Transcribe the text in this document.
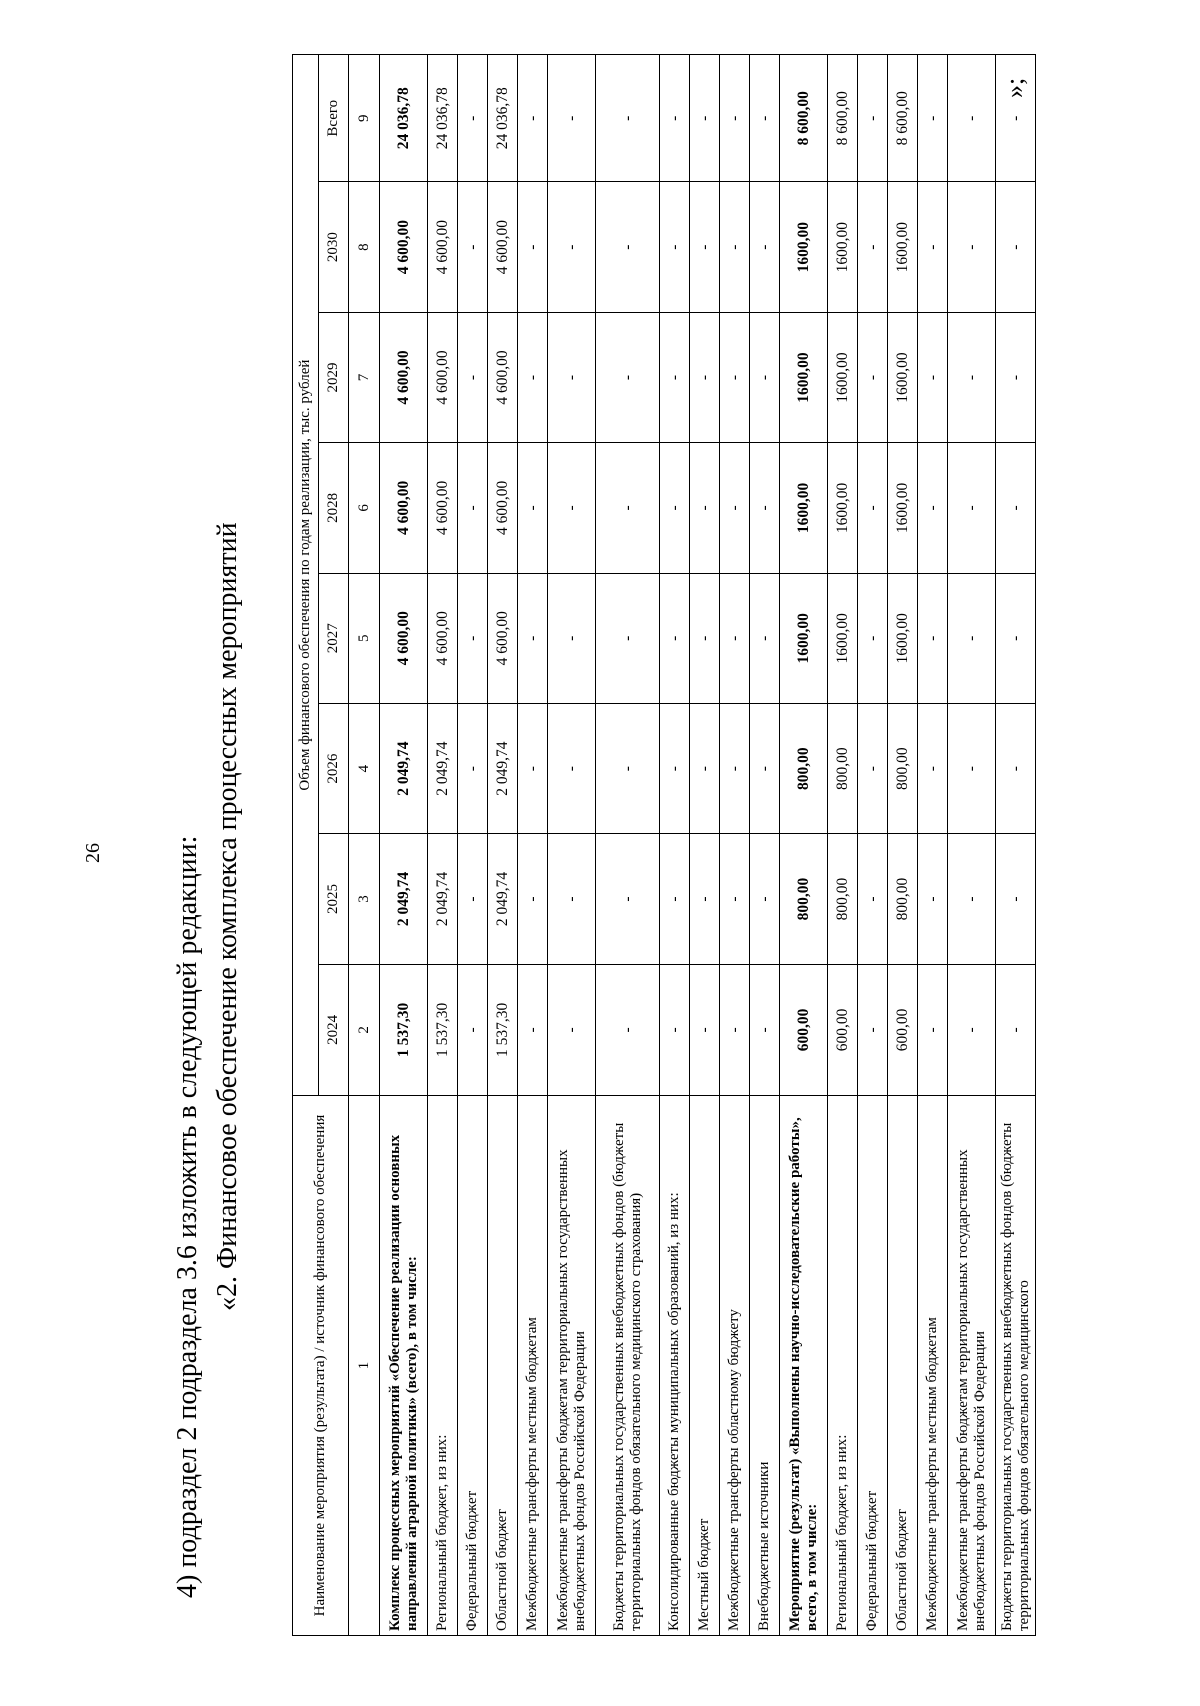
26 4) подраздел 2 подраздела 3.6 изложить в следующей редакции: «2. Финансовое обеспечение комплекса процессных мероприятий
»;
Наименование мероприятия (результата) / источник финансового обеспечения	Объем финансового обеспечения по годам реализации, тыс. рублей							
	2024	2025	2026	2027	2028	2029	2030	Всего
1	2	3	4	5	6	7	8	9
Комплекс процессных мероприятий «Обеспечение реализации основных направлений аграрной политики» (всего), в том числе:	1 537,30	2 049,74	2 049,74	4 600,00	4 600,00	4 600,00	4 600,00	24 036,78
Региональный бюджет, из них:	1 537,30	2 049,74	2 049,74	4 600,00	4 600,00	4 600,00	4 600,00	24 036,78
Федеральный бюджет	-	-	-	-	-	-	-	-
Областной бюджет	1 537,30	2 049,74	2 049,74	4 600,00	4 600,00	4 600,00	4 600,00	24 036,78
Межбюджетные трансферты местным бюджетам	-	-	-	-	-	-	-	-
Межбюджетные трансферты бюджетам территориальных государственных внебюджетных фондов Российской Федерации	-	-	-	-	-	-	-	-
Бюджеты территориальных государственных внебюджетных фондов (бюджеты территориальных фондов обязательного медицинского страхования)	-	-	-	-	-	-	-	-
Консолидированные бюджеты муниципальных образований, из них:	-	-	-	-	-	-	-	-
Местный бюджет	-	-	-	-	-	-	-	-
Межбюджетные трансферты областному бюджету	-	-	-	-	-	-	-	-
Внебюджетные источники	-	-	-	-	-	-	-	-
Мероприятие (результат) «Выполнены научно-исследовательские работы», всего, в том числе:	600,00	800,00	800,00	1600,00	1600,00	1600,00	1600,00	8 600,00
Региональный бюджет, из них:	600,00	800,00	800,00	1600,00	1600,00	1600,00	1600,00	8 600,00
Федеральный бюджет	-	-	-	-	-	-	-	-
Областной бюджет	600,00	800,00	800,00	1600,00	1600,00	1600,00	1600,00	8 600,00
Межбюджетные трансферты местным бюджетам	-	-	-	-	-	-	-	-
Межбюджетные трансферты бюджетам территориальных государственных внебюджетных фондов Российской Федерации	-	-	-	-	-	-	-	-
Бюджеты территориальных государственных внебюджетных фондов (бюджеты территориальных фондов обязательного медицинского	-	-	-	-	-	-	-	-
